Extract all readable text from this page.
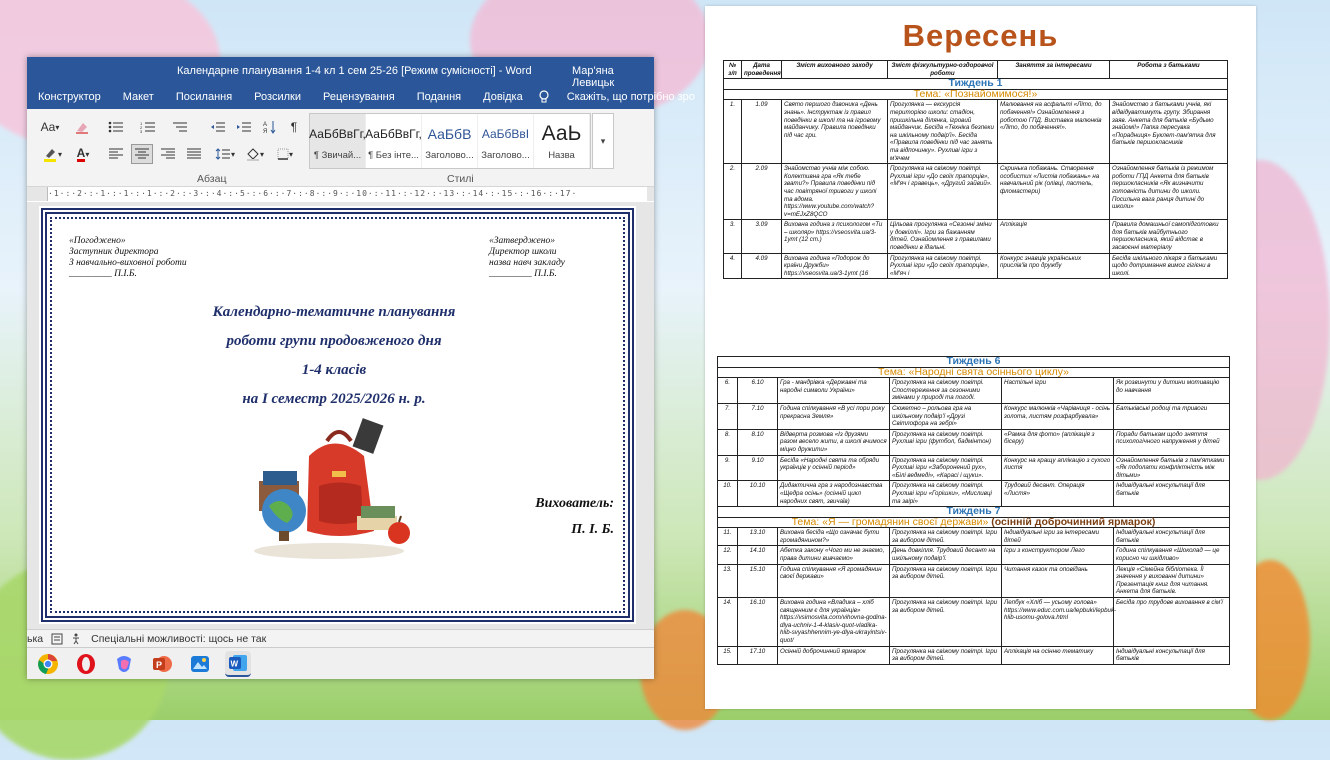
Календарне планування 1-4 кл 1 сем 25-26 [Режим сумісності] - Word	Мар'яна Левицьк
Конструктор	Макет	Посилання	Розсилки	Рецензування	Подання	Довідка	Скажіть, що потрібно зро
Aa ▾
▾ A ▾
1
2
3
A
Я	¶
▾	▾	▾
АаБбВвГг,
¶ Звичай...
АаБбВвГг,
¶ Без інте...
АаБбВ
Заголово...
АаБбВвІ
Заголово...
АаЬ
Назва
▾
Абзац	Стилі
·1·:·2·:·1·:·1·:·1·:·2·:·3·:·4·:·5·:·6·:·7·:·8·:·9·:·10·:·11·:·12·:·13·:·14·:·15·:·16·:·17·
«Погоджено»
Заступник директора
З навчально-виховної роботи
_________ П.І.Б.
«Затверджено»
Директор школи
назва навч закладу
_________ П.І.Б.
Календарно-тематичне планування
роботи групи продовженого дня
1-4 класів
на І семестр 2025/2026 н. р.
Вихователь:
П. І. Б.
ька	Спеціальні можливості: щось не так
P	W
Вересень
№ з/п	Дата проведення	Зміст виховного заходу	Зміст фізкультурно-оздоровчої роботи	Заняття за інтересами	Робота з батьками
Тиждень 1					
Тема: «Познайомимося!»					
1.	1.09	Свято першого дзвоника «День знань». Інструктаж із правил поведінки в школі та на ігровому майданчику. Правила поведінки під час гри.	Прогулянка — екскурсія територією школи: стадіон, пришкільна ділянка, ігровий майданчик. Бесіда «Техніка безпеки на шкільному подвір'ї». Бесіда «Правила поведінки під час занять та відпочинку». Рухливі ігри з м'ячем	Малювання на асфальті «Літо, до побачення!» Ознайомлення з роботою ГПД. Виставка малюнків «Літо, до побачення!».	Знайомство з батьками учнів, які відвідуватимуть групу. Збирання заяв. Анкета для батьків «Будьмо знайомі!» Папка пересувка «Порадниця» Буклет-пам'ятка для батьків першокласників
2.	2.09	Знайомство учнів між собою. Колективна гра «Як тебе звати?» Правила поведінки під час повітряної тривоги у школі та вдома. https://www.youtube.com/watch?v=mEJxZ8QCO	Прогулянка на свіжому повітрі. Рухливі ігри «До своїх прапорців», «М'яч і гравець», «Другий зайвий».	Скринька побажань. Створення особистих «Листів побажань» на навчальний рік (олівці, пастель, фломастери)	Ознайомлення батьків із режимом роботи ГПД Анкета для батьків першокласників «Як визначити готовність дитини до школи. Посильна вага ранця дитині до школи»
3.	3.09	Виховна година з психологом «Ти – школяр» https://vseosvita.ua/3-1ymt (12 ст.)	Цільова прогулянка «Сезонні зміни у довкіллі». Ігри за бажанням дітей. Ознайомлення з правилами поведінки в їдальні.	Аплікація	Правила домашньої самопідготовки для батьків майбутнього першокласника, який відстає в засвоєнні матеріалу
4.	4.09	Виховна година «Подорож до країни Дружби» https://vseosvita.ua/3-1ymt (16	Прогулянка на свіжому повітрі. Рухливі ігри «До своїх прапорців», «М'яч і	Конкурс знавців українських прислів'їв про дружбу	Бесіда шкільного лікаря з батьками щодо дотримання вимог гігієни в школі.
Тиждень 6					
Тема: «Народні свята осіннього циклу»					
6.	6.10	Гра - мандрівка «Державні та народні символи України»	Прогулянка на свіжому повітрі. Спостереження за сезонними змінами у природі та погоді.	Настільні ігри	Як розвинути у дитини мотивацію до навчання
7.	7.10	Година спілкування «В усі пори року прекрасна Земля»	Сюжетно – рольова гра на шкільному подвір'ї «Друзі Світлофора на зебрі»	Конкурс малюнків «Чарівниця - осінь золота, листям розфарбувала»	Батьківські родоці та тривоги
8.	8.10	Відверта розмова «Із друзями разом весело жити, в школі вчимося міцно дружити»	Прогулянка на свіжому повітрі. Рухливі ігри (футбол, бадмінтон)	«Рамка для фото» (аплікація з бісеру)	Поради батькам щодо зняття психологічного напруження у дітей
9.	9.10	Бесіда «Народні свята та обряди українців у осінній період»	Прогулянка на свіжому повітрі. Рухливі ігри «Заборонений рух», «Білі ведмеді», «Карасі і щуки».	Конкурс на кращу аплікацію з сухого листя	Ознайомлення батьків з пам'ятками «Як подолати конфліктність між дітьми»
10.	10.10	Дидактична гра з народознавства «Щедра осінь» (осінній цикл народних свят, звичаїв)	Прогулянка на свіжому повітрі. Рухливі ігри «Горішки», «Мисливці та звірі»	Трудовий десант. Операція «Листя»	Індивідуальні консультації для батьків
Тиждень 7					
Тема: «Я — громадянин своєї держави» (осінній доброчинний ярмарок)					
11.	13.10	Виховна бесіда «Що означає бути громадянином?»	Прогулянка на свіжому повітрі. Ігри за вибором дітей.	Індивідуальні ігри за інтересами дітей	Індивідуальні консультації для батьків
12.	14.10	Абетка закону «Чого ми не знаємо, права дитини вивчаємо»	День довкілля. Трудовий десант на шкільному подвір'ї.	Ігри з конструктором Лего	Година спілкування «Шоколад — це корисно чи шкідливо»
13.	15.10	Година спілкування «Я громадянин своєї держави»	Прогулянка на свіжому повітрі. Ігри за вибором дітей.	Читання казок та оповідань	Лекція «Сімейна бібліотека. Її значення у вихованні дитини» Презентація книг для читання. Анкета для батьків.
14.	16.10	Виховна година «Владика – хліб священним є для українців» https://vsimosvita.com/vihovna-godina-dlya-uchniv-1-4-klasiv-quot-vladika-hlib-svyashhennim-ye-dlya-ukrayintsiv-quot/	Прогулянка на свіжому повітрі. Ігри за вибором дітей.	Лепбук «Хліб — усьому голова» https://www.educ.com.ua/lepbuki/lepbuk-hlib-usomu-golova.html	Бесіда про трудове виховання в сім'ї
15.	17.10	Осінній доброчинний ярмарок	Прогулянка на свіжому повітрі. Ігри за вибором дітей.	Аплікація на осінню тематику	Індивідуальні консультації для батьків
